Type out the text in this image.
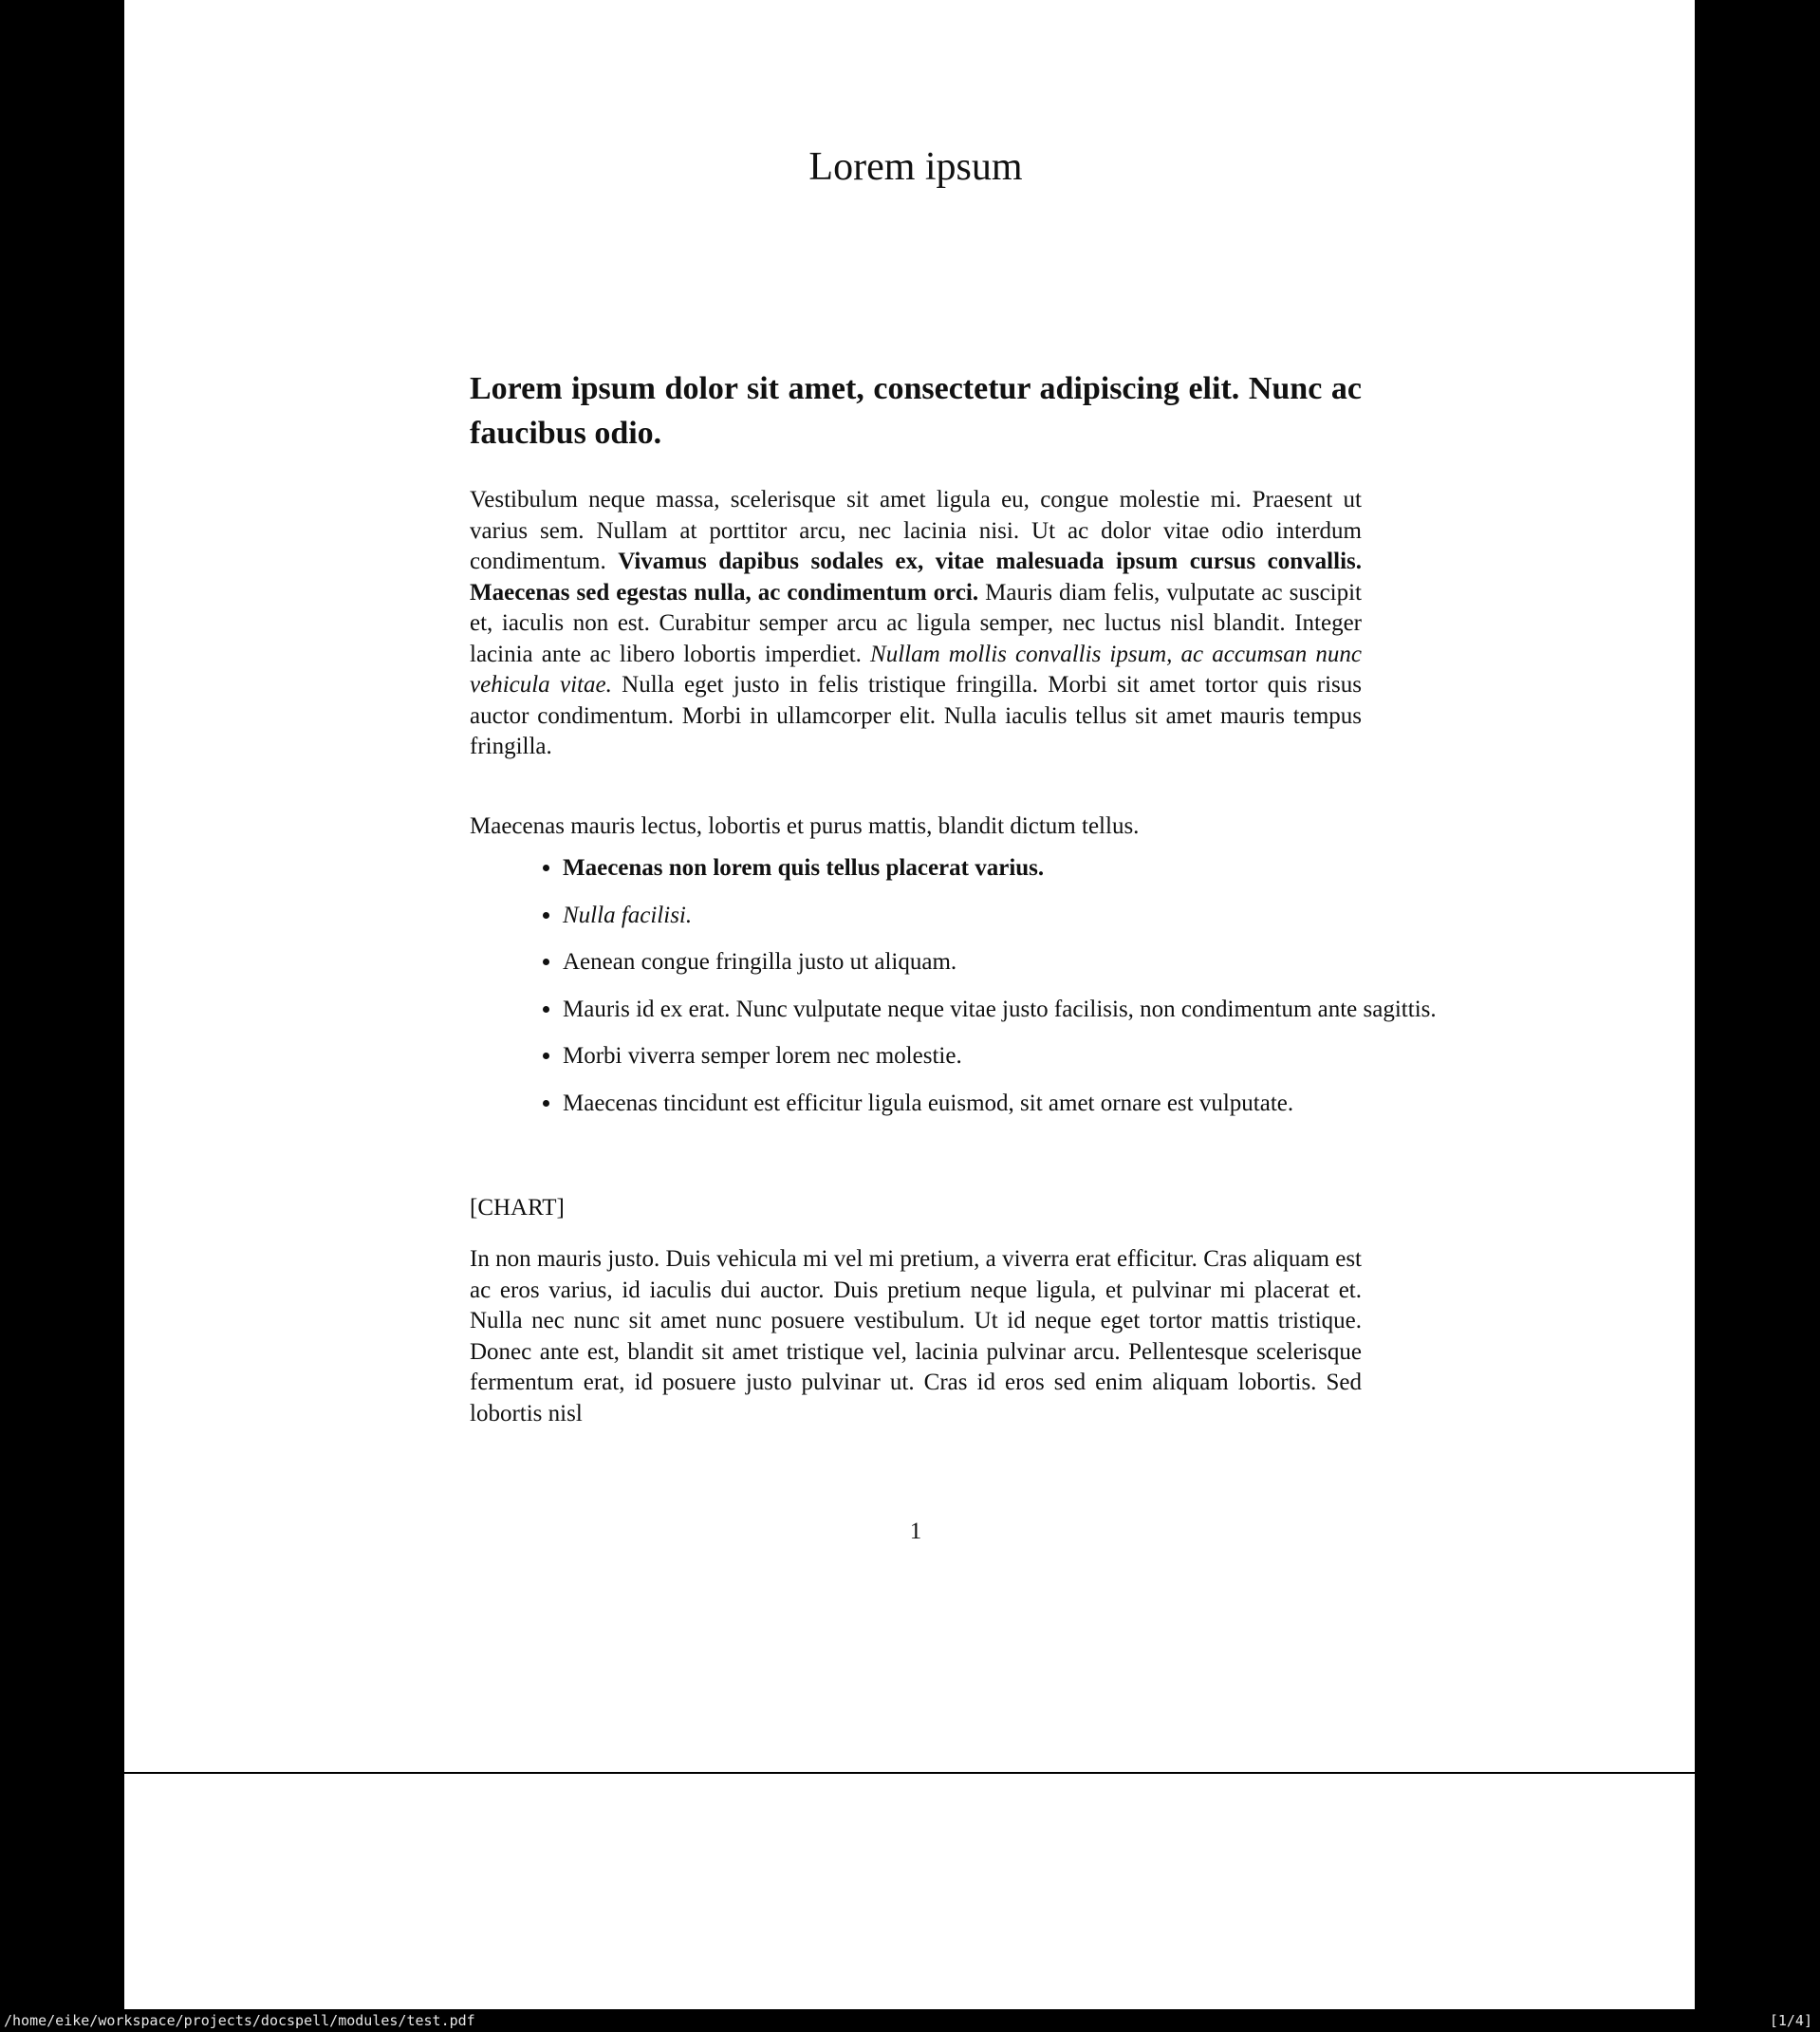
Lorem ipsum
Lorem ipsum dolor sit amet, consectetur adipiscing elit. Nunc ac faucibus odio.
Vestibulum neque massa, scelerisque sit amet ligula eu, congue molestie mi. Praesent ut varius sem. Nullam at porttitor arcu, nec lacinia nisi. Ut ac dolor vitae odio interdum condimentum. Vivamus dapibus sodales ex, vitae malesuada ipsum cursus convallis. Maecenas sed egestas nulla, ac condimentum orci. Mauris diam felis, vulputate ac suscipit et, iaculis non est. Curabitur semper arcu ac ligula semper, nec luctus nisl blandit. Integer lacinia ante ac libero lobortis imperdiet. Nullam mollis convallis ipsum, ac accumsan nunc vehicula vitae. Nulla eget justo in felis tristique fringilla. Morbi sit amet tortor quis risus auctor condimentum. Morbi in ullamcorper elit. Nulla iaculis tellus sit amet mauris tempus fringilla.
Maecenas mauris lectus, lobortis et purus mattis, blandit dictum tellus.
• Maecenas non lorem quis tellus placerat varius.
• Nulla facilisi.
• Aenean congue fringilla justo ut aliquam.
• Mauris id ex erat. Nunc vulputate neque vitae justo facilisis, non condimentum ante sagittis.
• Morbi viverra semper lorem nec molestie.
• Maecenas tincidunt est efficitur ligula euismod, sit amet ornare est vulputate.
[CHART]
In non mauris justo. Duis vehicula mi vel mi pretium, a viverra erat efficitur. Cras aliquam est ac eros varius, id iaculis dui auctor. Duis pretium neque ligula, et pulvinar mi placerat et. Nulla nec nunc sit amet nunc posuere vestibulum. Ut id neque eget tortor mattis tristique. Donec ante est, blandit sit amet tristique vel, lacinia pulvinar arcu. Pellentesque scelerisque fermentum erat, id posuere justo pulvinar ut. Cras id eros sed enim aliquam lobortis. Sed lobortis nisl
1
/home/eike/workspace/projects/docspell/modules/test.pdf	[1/4]
